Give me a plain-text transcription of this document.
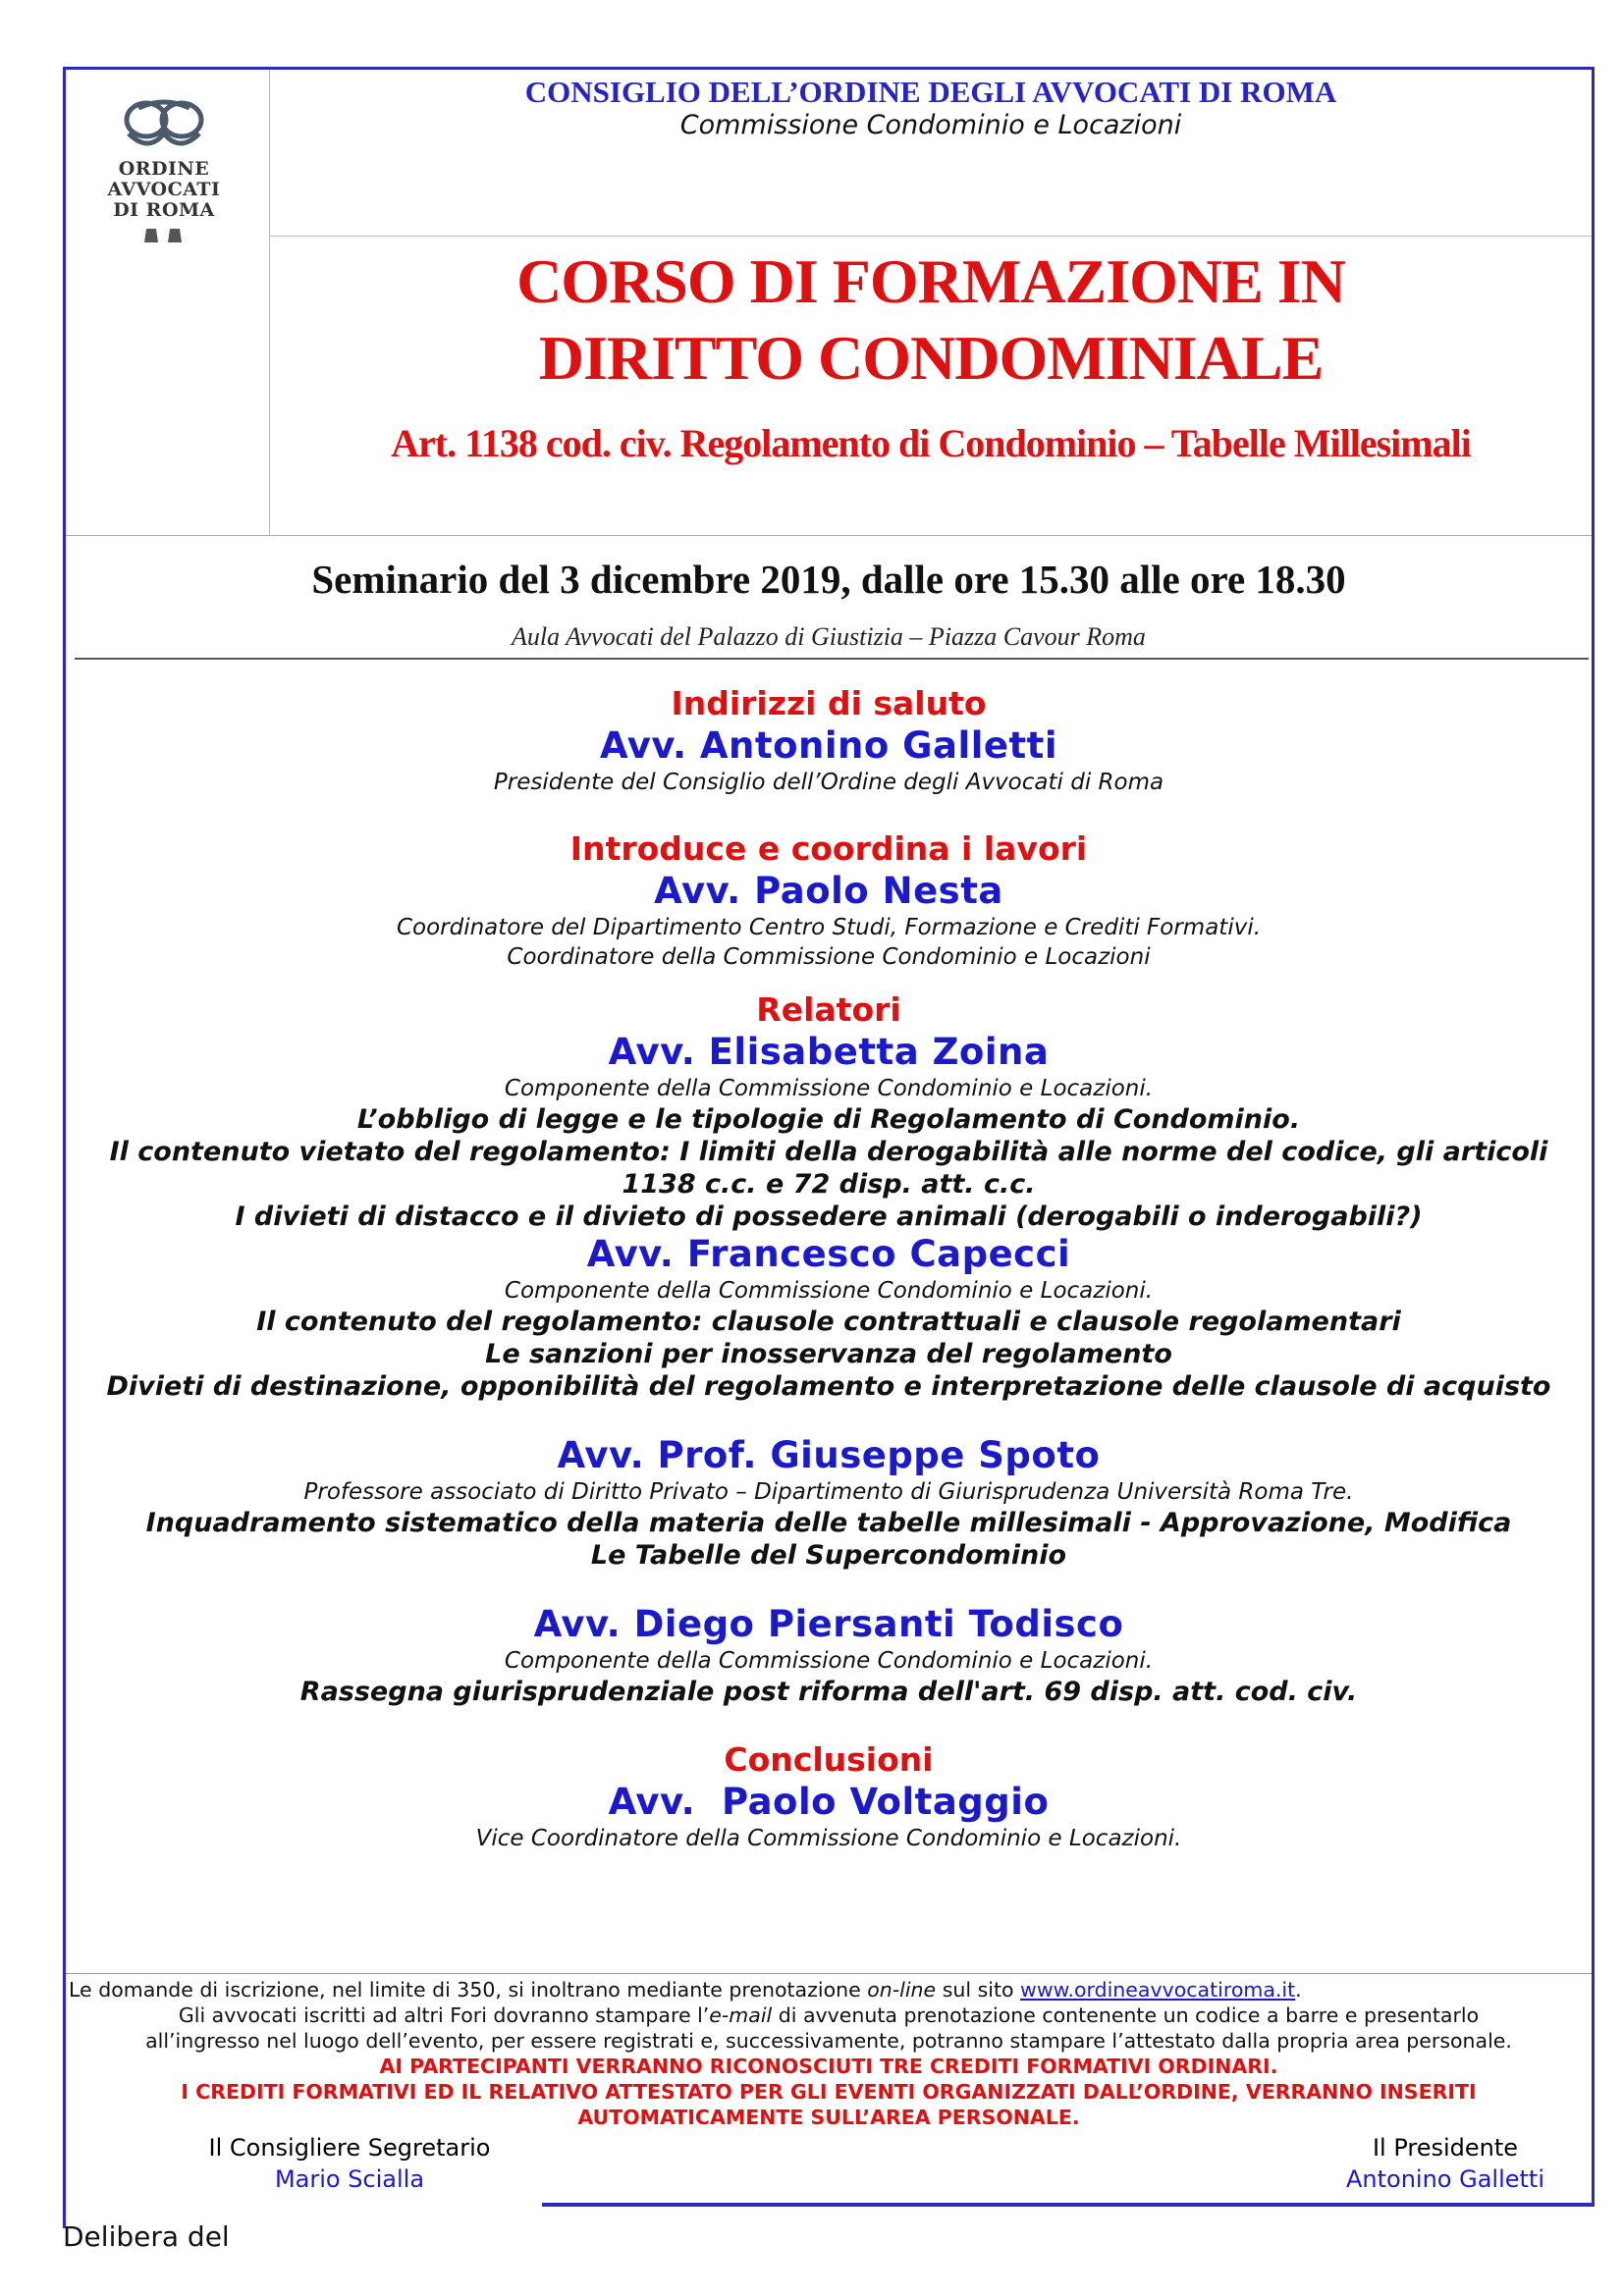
ORDINE
AVVOCATI
DI ROMA
CONSIGLIO DELL’ORDINE DEGLI AVVOCATI DI ROMA
Commissione Condominio e Locazioni
CORSO DI FORMAZIONE IN
DIRITTO CONDOMINIALE
Art. 1138 cod. civ. Regolamento di Condominio – Tabelle Millesimali
Seminario del 3 dicembre 2019, dalle ore 15.30 alle ore 18.30
Aula Avvocati del Palazzo di Giustizia – Piazza Cavour Roma
Indirizzi di saluto
Avv. Antonino Galletti
Presidente del Consiglio dell’Ordine degli Avvocati di Roma
Introduce e coordina i lavori
Avv. Paolo Nesta
Coordinatore del Dipartimento Centro Studi, Formazione e Crediti Formativi.
Coordinatore della Commissione Condominio e Locazioni
Relatori
Avv. Elisabetta Zoina
Componente della Commissione Condominio e Locazioni.
L’obbligo di legge e le tipologie di Regolamento di Condominio.
Il contenuto vietato del regolamento: I limiti della derogabilità alle norme del codice, gli articoli
1138 c.c. e 72 disp. att. c.c.
I divieti di distacco e il divieto di possedere animali (derogabili o inderogabili?)
Avv. Francesco Capecci
Componente della Commissione Condominio e Locazioni.
Il contenuto del regolamento: clausole contrattuali e clausole regolamentari
Le sanzioni per inosservanza del regolamento
Divieti di destinazione, opponibilità del regolamento e interpretazione delle clausole di acquisto
Avv. Prof. Giuseppe Spoto
Professore associato di Diritto Privato – Dipartimento di Giurisprudenza Università Roma Tre.
Inquadramento sistematico della materia delle tabelle millesimali - Approvazione, Modifica
Le Tabelle del Supercondominio
Avv. Diego Piersanti Todisco
Componente della Commissione Condominio e Locazioni.
Rassegna giurisprudenziale post riforma dell'art. 69 disp. att. cod. civ.
Conclusioni
Avv.  Paolo Voltaggio
Vice Coordinatore della Commissione Condominio e Locazioni.
Le domande di iscrizione, nel limite di 350, si inoltrano mediante prenotazione on-line sul sito www.ordineavvocatiroma.it.
Gli avvocati iscritti ad altri Fori dovranno stampare l’e-mail di avvenuta prenotazione contenente un codice a barre e presentarlo
all’ingresso nel luogo dell’evento, per essere registrati e, successivamente, potranno stampare l’attestato dalla propria area personale.
AI PARTECIPANTI VERRANNO RICONOSCIUTI TRE CREDITI FORMATIVI ORDINARI.
I CREDITI FORMATIVI ED IL RELATIVO ATTESTATO PER GLI EVENTI ORGANIZZATI DALL’ORDINE, VERRANNO INSERITI
AUTOMATICAMENTE SULL’AREA PERSONALE.
Il Consigliere Segretario
Mario Scialla
Il Presidente
Antonino Galletti
Delibera del
